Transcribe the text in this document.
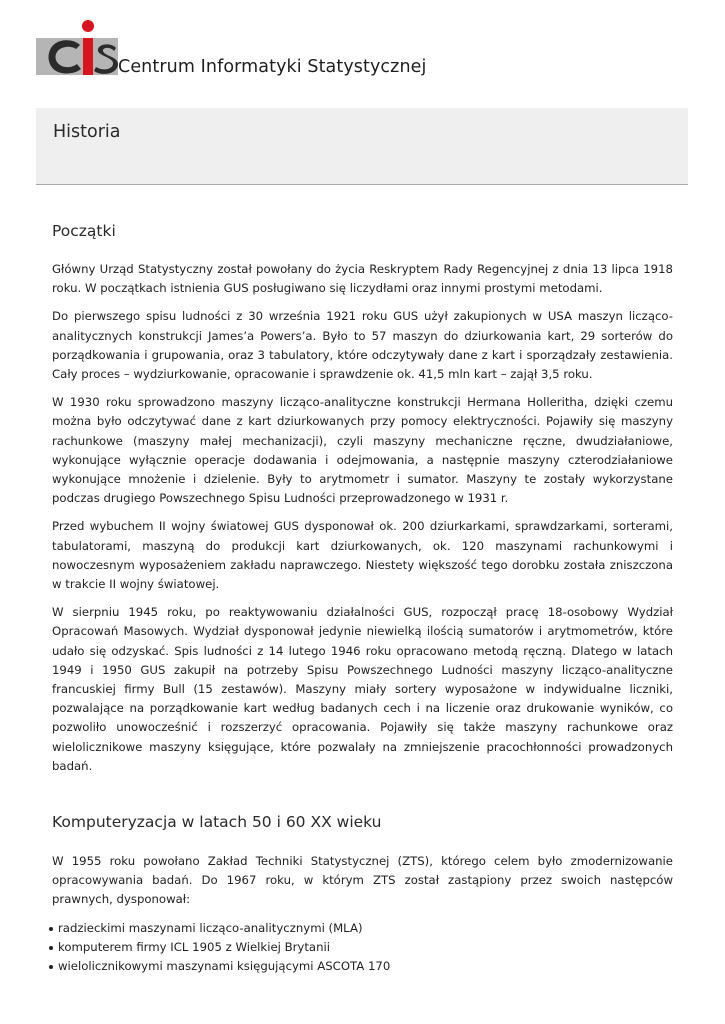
Centrum Informatyki Statystycznej
Historia
Początki

Główny Urząd Statystyczny został powołany do życia Reskryptem Rady Regencyjnej z dnia 13 lipca 1918 roku. W początkach istnienia GUS posługiwano się liczydłami oraz innymi prostymi metodami.

Do pierwszego spisu ludności z 30 września 1921 roku GUS użył zakupionych w USA maszyn licząco-analitycznych konstrukcji James’a Powers’a. Było to 57 maszyn do dziurkowania kart, 29 sorterów do porządkowania i grupowania, oraz 3 tabulatory, które odczytywały dane z kart i sporządzały zestawienia. Cały proces – wydziurkowanie, opracowanie i sprawdzenie ok. 41,5 mln kart – zajął 3,5 roku.

W 1930 roku sprowadzono maszyny licząco-analityczne konstrukcji Hermana Holleritha, dzięki czemu można było odczytywać dane z kart dziurkowanych przy pomocy elektryczności. Pojawiły się maszyny rachunkowe (maszyny małej mechanizacji), czyli maszyny mechaniczne ręczne, dwudziałaniowe, wykonujące wyłącznie operacje dodawania i odejmowania, a następnie maszyny czterodziałaniowe wykonujące mnożenie i dzielenie. Były to arytmometr i sumator. Maszyny te zostały wykorzystane podczas drugiego Powszechnego Spisu Ludności przeprowadzonego w 1931 r.

Przed wybuchem II wojny światowej GUS dysponował ok. 200 dziurkarkami, sprawdzarkami, sorterami, tabulatorami, maszyną do produkcji kart dziurkowanych, ok. 120 maszynami rachunkowymi i nowoczesnym wyposażeniem zakładu naprawczego. Niestety większość tego dorobku została zniszczona w trakcie II wojny światowej.

W sierpniu 1945 roku, po reaktywowaniu działalności GUS, rozpoczął pracę 18-osobowy Wydział Opracowań Masowych. Wydział dysponował jedynie niewielką ilością sumatorów i arytmometrów, które udało się odzyskać. Spis ludności z 14 lutego 1946 roku opracowano metodą ręczną. Dlatego w latach 1949 i 1950 GUS zakupił na potrzeby Spisu Powszechnego Ludności maszyny licząco-analityczne francuskiej firmy Bull (15 zestawów). Maszyny miały sortery wyposażone w indywidualne liczniki, pozwalające na porządkowanie kart według badanych cech i na liczenie oraz drukowanie wyników, co pozwoliło unowocześnić i rozszerzyć opracowania. Pojawiły się także maszyny rachunkowe oraz wielolicznikowe maszyny księgujące, które pozwalały na zmniejszenie pracochłonności prowadzonych badań.

Komputeryzacja w latach 50 i 60 XX wieku

W 1955 roku powołano Zakład Techniki Statystycznej (ZTS), którego celem było zmodernizowanie opracowywania badań. Do 1967 roku, w którym ZTS został zastąpiony przez swoich następców prawnych, dysponował:

radzieckimi maszynami licząco-analitycznymi (MLA)
komputerem firmy ICL 1905 z Wielkiej Brytanii
wielolicznikowymi maszynami księgującymi ASCOTA 170
